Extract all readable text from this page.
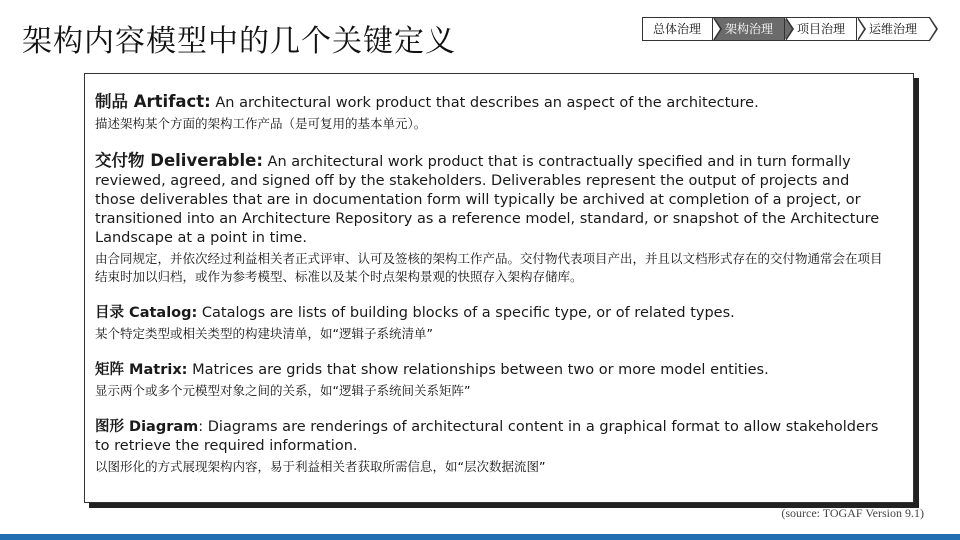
架构内容模型中的几个关键定义	总体治理	架构治理	项目治理	运维治理
制品 Artifact: An architectural work product that describes an aspect of the architecture.
描述架构某个方面的架构工作产品（是可复用的基本单元）。
交付物 Deliverable: An architectural work product that is contractually specified and in turn formally reviewed, agreed, and signed off by the stakeholders. Deliverables represent the output of projects and those deliverables that are in documentation form will typically be archived at completion of a project, or transitioned into an Architecture Repository as a reference model, standard, or snapshot of the Architecture Landscape at a point in time.
由合同规定，并依次经过利益相关者正式评审、认可及签核的架构工作产品。交付物代表项目产出，并且以文档形式存在的交付物通常会在项目结束时加以归档，或作为参考模型、标准以及某个时点架构景观的快照存入架构存储库。
目录 Catalog: Catalogs are lists of building blocks of a specific type, or of related types.
某个特定类型或相关类型的构建块清单，如“逻辑子系统清单”
矩阵 Matrix: Matrices are grids that show relationships between two or more model entities.
显示两个或多个元模型对象之间的关系，如“逻辑子系统间关系矩阵”
图形 Diagram: Diagrams are renderings of architectural content in a graphical format to allow stakeholders to retrieve the required information.
以图形化的方式展现架构内容，易于利益相关者获取所需信息，如“层次数据流图”
(source: TOGAF Version 9.1)
